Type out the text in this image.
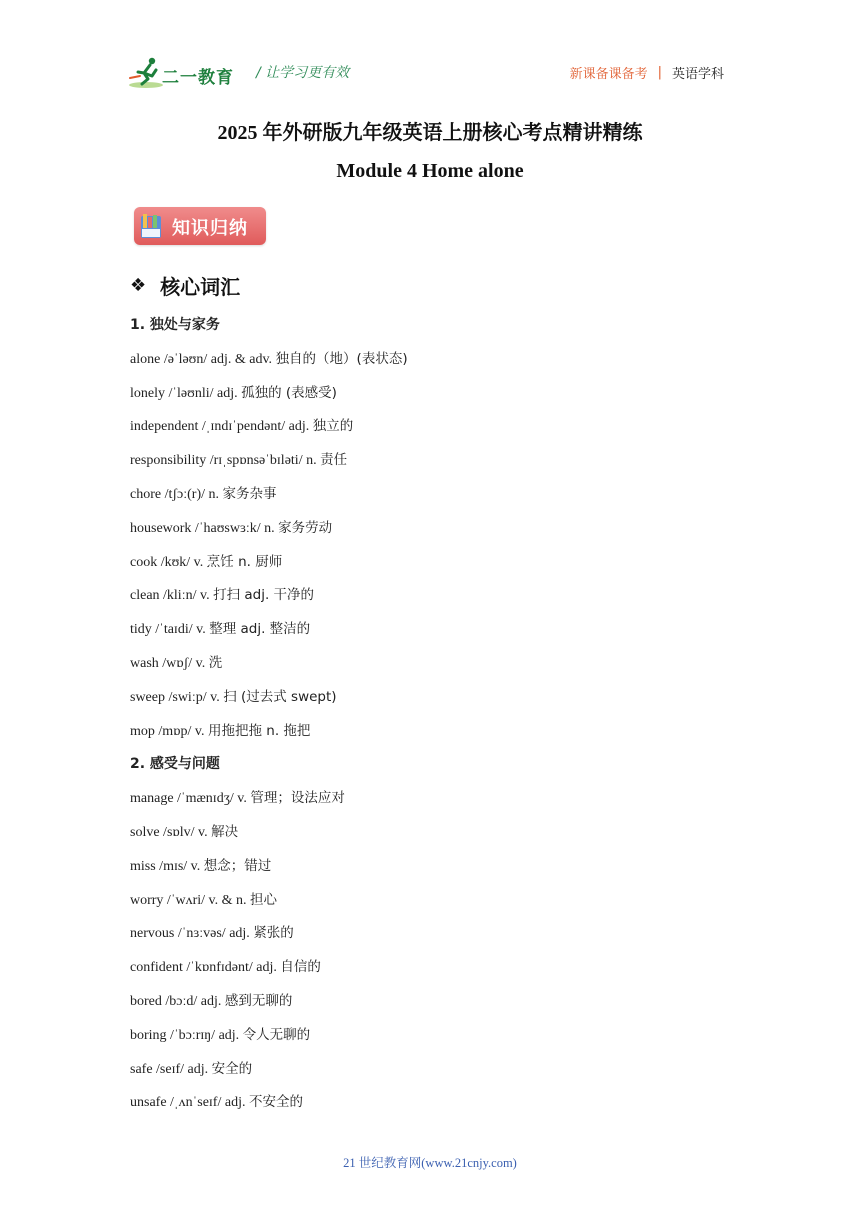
二一教育 / 让学习更有效	新课备课备考 | 英语学科
2025 年外研版九年级英语上册核心考点精讲精练
Module 4 Home alone
知识归纳
❖ 核心词汇
1. 独处与家务
alone /əˈləʊn/ adj. & adv. 独自的（地）(表状态)
lonely /ˈləʊnli/ adj. 孤独的 (表感受)
independent /ˌɪndɪˈpendənt/ adj. 独立的
responsibility /rɪˌspɒnsəˈbɪləti/ n. 责任
chore /tʃɔː(r)/ n. 家务杂事
housework /ˈhaʊswɜːk/ n. 家务劳动
cook /kʊk/ v. 烹饪 n. 厨师
clean /kliːn/ v. 打扫 adj. 干净的
tidy /ˈtaɪdi/ v. 整理 adj. 整洁的
wash /wɒʃ/ v. 洗
sweep /swiːp/ v. 扫 (过去式 swept)
mop /mɒp/ v. 用拖把拖 n. 拖把
2. 感受与问题
manage /ˈmænɪdʒ/ v. 管理；设法应对
solve /sɒlv/ v. 解决
miss /mɪs/ v. 想念；错过
worry /ˈwʌri/ v. & n. 担心
nervous /ˈnɜːvəs/ adj. 紧张的
confident /ˈkɒnfɪdənt/ adj. 自信的
bored /bɔːd/ adj. 感到无聊的
boring /ˈbɔːrɪŋ/ adj. 令人无聊的
safe /seɪf/ adj. 安全的
unsafe /ˌʌnˈseɪf/ adj. 不安全的
21 世纪教育网(www.21cnjy.com)
